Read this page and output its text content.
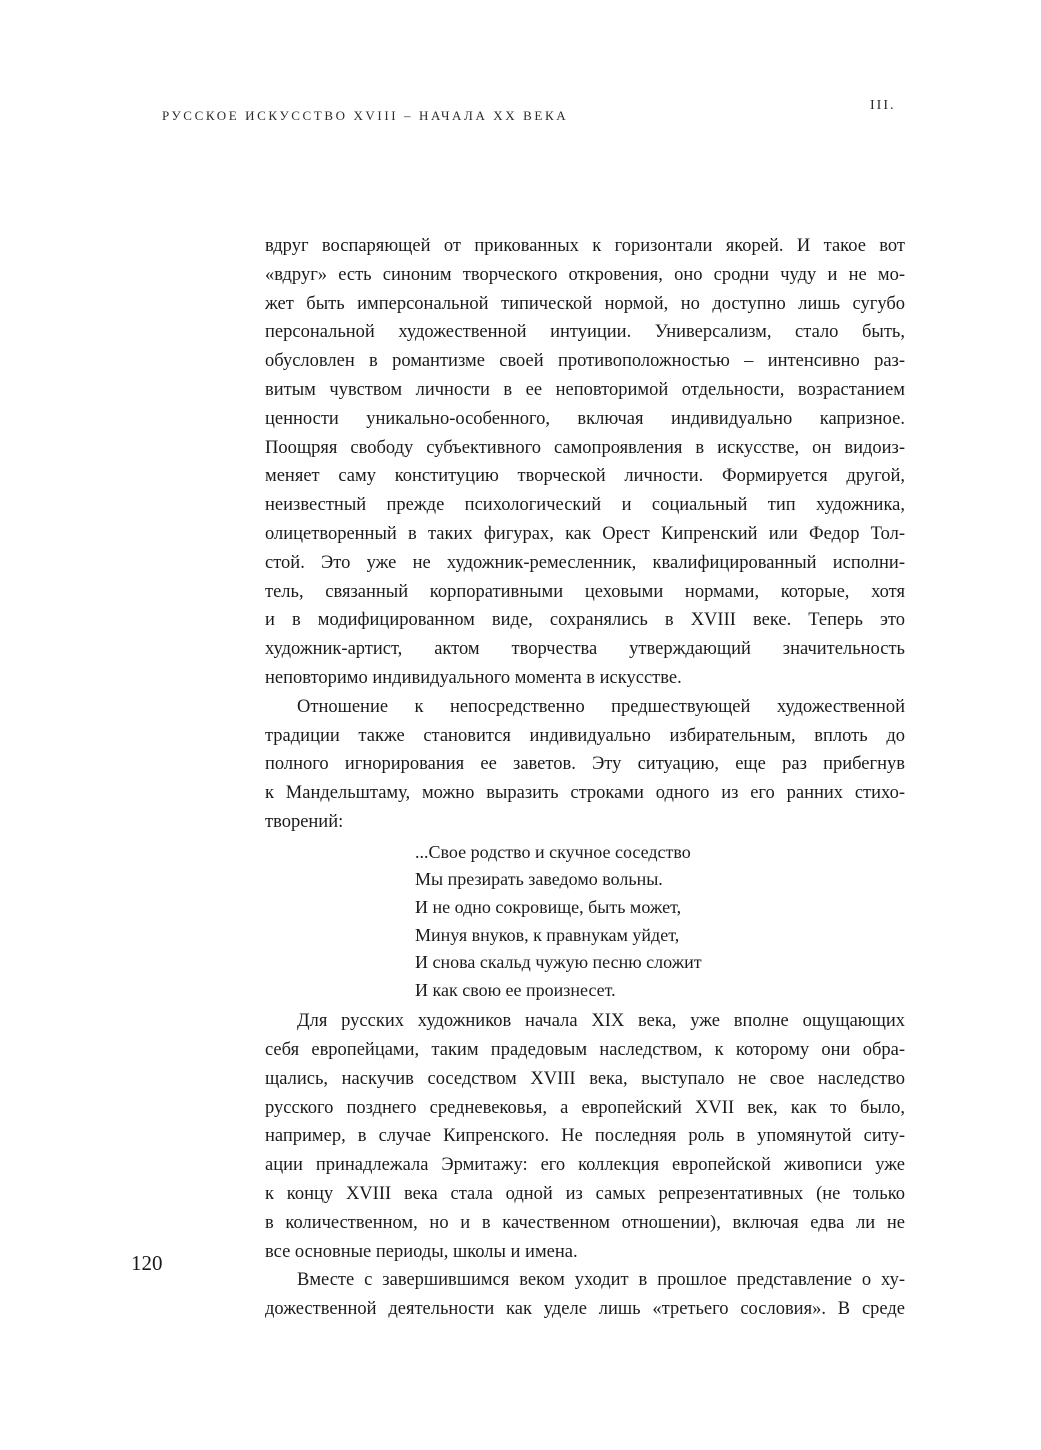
РУССКОЕ ИСКУССТВО XVIII – НАЧАЛА XX ВЕКА
III.
вдруг воспаряющей от прикованных к горизонтали якорей. И такое вот
«вдруг» есть синоним творческого откровения, оно сродни чуду и не мо-
жет быть имперсональной типической нормой, но доступно лишь сугубо
персональной художественной интуиции. Универсализм, стало быть,
обусловлен в романтизме своей противоположностью – интенсивно раз-
витым чувством личности в ее неповторимой отдельности, возрастанием
ценности уникально-особенного, включая индивидуально капризное.
Поощряя свободу субъективного самопроявления в искусстве, он видоиз-
меняет саму конституцию творческой личности. Формируется другой,
неизвестный прежде психологический и социальный тип художника,
олицетворенный в таких фигурах, как Орест Кипренский или Федор Тол-
стой. Это уже не художник-ремесленник, квалифицированный исполни-
тель, связанный корпоративными цеховыми нормами, которые, хотя
и в модифицированном виде, сохранялись в XVIII веке. Теперь это
художник-артист, актом творчества утверждающий значительность
неповторимо индивидуального момента в искусстве.
Отношение к непосредственно предшествующей художественной
традиции также становится индивидуально избирательным, вплоть до
полного игнорирования ее заветов. Эту ситуацию, еще раз прибегнув
к Мандельштаму, можно выразить строками одного из его ранних стихо-
творений:
...Свое родство и скучное соседство
Мы презирать заведомо вольны.
И не одно сокровище, быть может,
Минуя внуков, к правнукам уйдет,
И снова скальд чужую песню сложит
И как свою ее произнесет.
Для русских художников начала XIX века, уже вполне ощущающих
себя европейцами, таким прадедовым наследством, к которому они обра-
щались, наскучив соседством XVIII века, выступало не свое наследство
русского позднего средневековья, а европейский XVII век, как то было,
например, в случае Кипренского. Не последняя роль в упомянутой ситу-
ации принадлежала Эрмитажу: его коллекция европейской живописи уже
к концу XVIII века стала одной из самых репрезентативных (не только
в количественном, но и в качественном отношении), включая едва ли не
все основные периоды, школы и имена.
Вместе с завершившимся веком уходит в прошлое представление о ху-
дожественной деятельности как уделе лишь «третьего сословия». В среде
120
